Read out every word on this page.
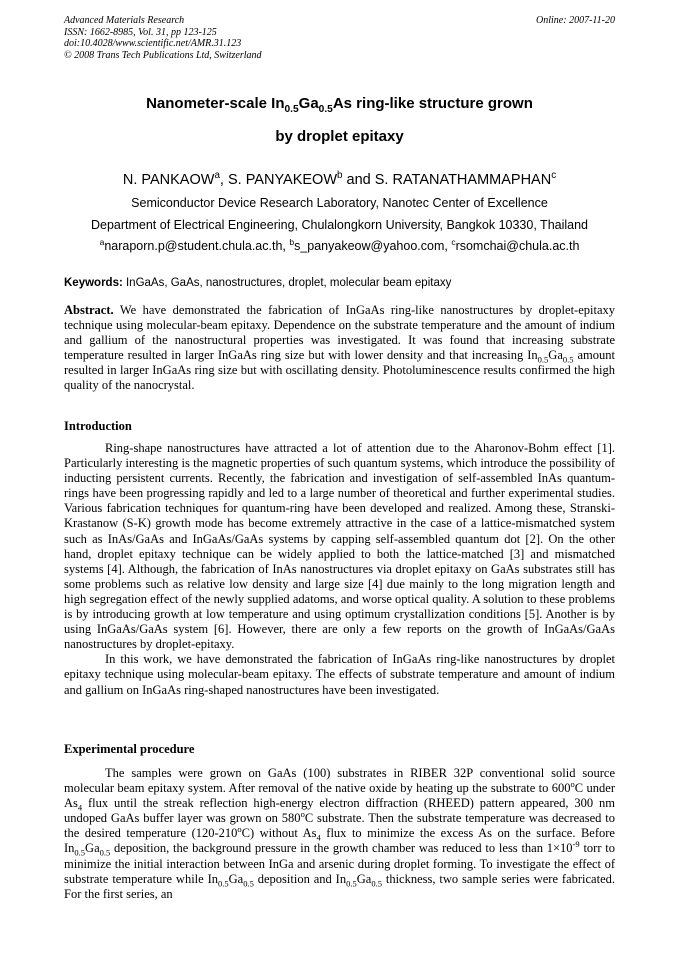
Advanced Materials Research
ISSN: 1662-8985, Vol. 31, pp 123-125
doi:10.4028/www.scientific.net/AMR.31.123
© 2008 Trans Tech Publications Ltd, Switzerland
Online: 2007-11-20
Nanometer-scale $In_{0.5}Ga_{0.5}As$ ring-like structure grown
by droplet epitaxy
N. PANKAOW$^a$, S. PANYAKEOW$^b$ and S. RATANATHAMMAPHAN$^c$
Semiconductor Device Research Laboratory, Nanotec Center of Excellence
Department of Electrical Engineering, Chulalongkorn University, Bangkok 10330, Thailand
$^a$naraporn.p@student.chula.ac.th, $^b$s_panyakeow@yahoo.com, $^c$rsomchai@chula.ac.th
Keywords: InGaAs, GaAs, nanostructures, droplet, molecular beam epitaxy
Abstract. We have demonstrated the fabrication of InGaAs ring-like nanostructures by droplet-epitaxy technique using molecular-beam epitaxy. Dependence on the substrate temperature and the amount of indium and gallium of the nanostructural properties was investigated. It was found that increasing substrate temperature resulted in larger InGaAs ring size but with lower density and that increasing $In_{0.5}Ga_{0.5}$ amount resulted in larger InGaAs ring size but with oscillating density. Photoluminescence results confirmed the high quality of the nanocrystal.
Introduction

Ring-shape nanostructures have attracted a lot of attention due to the Aharonov-Bohm effect [1]. Particularly interesting is the magnetic properties of such quantum systems, which introduce the possibility of inducting persistent currents. Recently, the fabrication and investigation of self-assembled InAs quantum-rings have been progressing rapidly and led to a large number of theoretical and further experimental studies. Various fabrication techniques for quantum-ring have been developed and realized. Among these, Stranski-Krastanow (S-K) growth mode has become extremely attractive in the case of a lattice-mismatched system such as InAs/GaAs and InGaAs/GaAs systems by capping self-assembled quantum dot [2]. On the other hand, droplet epitaxy technique can be widely applied to both the lattice-matched [3] and mismatched systems [4]. Although, the fabrication of InAs nanostructures via droplet epitaxy on GaAs substrates still has some problems such as relative low density and large size [4] due mainly to the long migration length and high segregation effect of the newly supplied adatoms, and worse optical quality. A solution to these problems is by introducing growth at low temperature and using optimum crystallization conditions [5]. Another is by using InGaAs/GaAs system [6]. However, there are only a few reports on the growth of InGaAs/GaAs nanostructures by droplet-epitaxy.

In this work, we have demonstrated the fabrication of InGaAs ring-like nanostructures by droplet epitaxy technique using molecular-beam epitaxy. The effects of substrate temperature and amount of indium and gallium on InGaAs ring-shaped nanostructures have been investigated.

Experimental procedure

The samples were grown on GaAs (100) substrates in RIBER 32P conventional solid source molecular beam epitaxy system. After removal of the native oxide by heating up the substrate to 600$^o$C under $As_4$ flux until the streak reflection high-energy electron diffraction (RHEED) pattern appeared, 300 nm undoped GaAs buffer layer was grown on 580$^o$C substrate. Then the substrate temperature was decreased to the desired temperature (120-210$^o$C) without $As_4$ flux to minimize the excess As on the surface. Before $In_{0.5}Ga_{0.5}$ deposition, the background pressure in the growth chamber was reduced to less than $1\times 10^{-9}$ torr to minimize the initial interaction between InGa and arsenic during droplet forming. To investigate the effect of substrate temperature while $In_{0.5}Ga_{0.5}$ deposition and $In_{0.5}Ga_{0.5}$ thickness, two sample series were fabricated. For the first series, an
